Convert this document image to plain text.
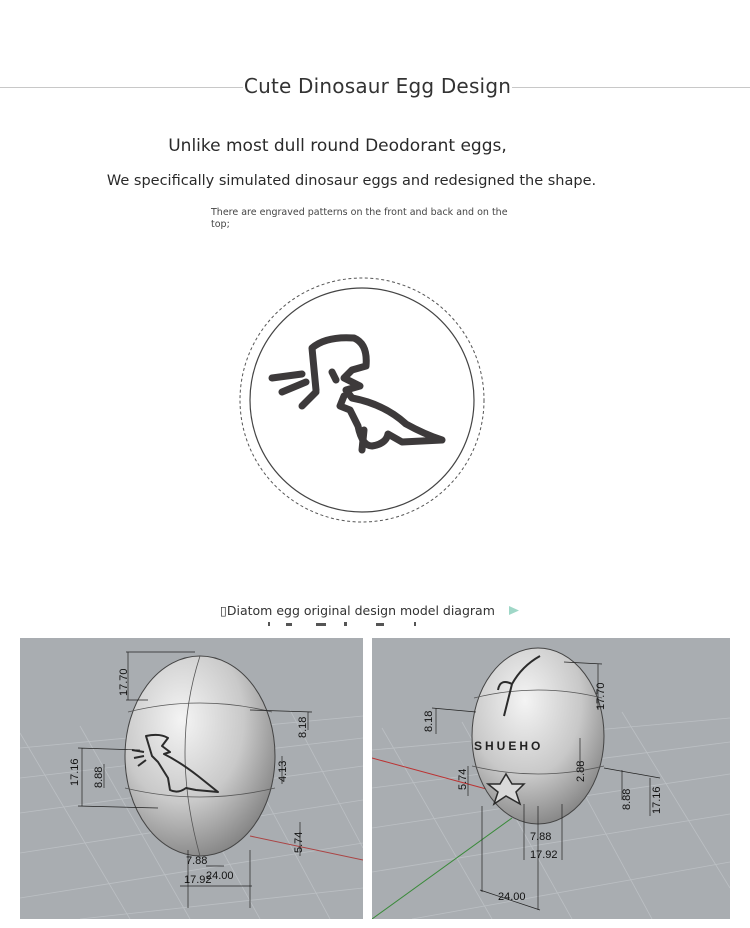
Cute Dinosaur Egg Design
Unlike most dull round Deodorant eggs,
We specifically simulated dinosaur eggs and redesigned the shape.
There are engraved patterns on the front and back and on the top;
▯Diatom egg original design model diagram
17.70
8.18
17.16 8.88	4.13
5.74
7.88
24.00
17.92
SHUEHO
8.18
17.70
5.74	2.88
8.88 17.16
7.88
17.92
24.00
